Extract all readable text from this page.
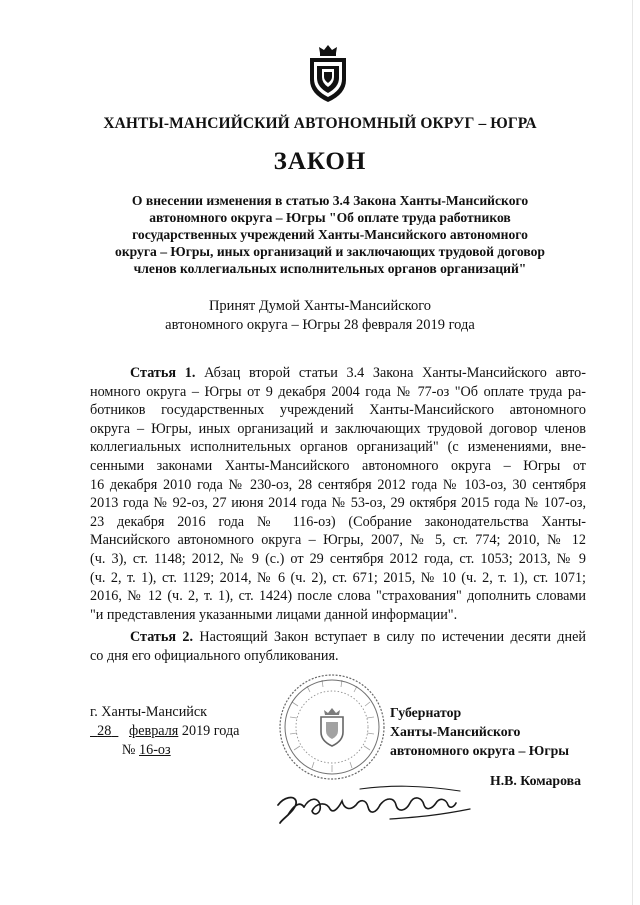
ХАНТЫ-МАНСИЙСКИЙ АВТОНОМНЫЙ ОКРУГ – ЮГРА
ЗАКОН
О внесении изменения в статью 3.4 Закона Ханты-Мансийского
автономного округа – Югры "Об оплате труда работников
государственных учреждений Ханты-Мансийского автономного
округа – Югры, иных организаций и заключающих трудовой договор
членов коллегиальных исполнительных органов организаций"
Принят Думой Ханты-Мансийского
автономного округа – Югры 28 февраля 2019 года
Статья 1. Абзац второй статьи 3.4 Закона Ханты-Мансийского авто-
номного округа – Югры от 9 декабря 2004 года № 77-оз "Об оплате труда ра-
ботников государственных учреждений Ханты-Мансийского автономного
округа – Югры, иных организаций и заключающих трудовой договор членов
коллегиальных исполнительных органов организаций" (с изменениями, вне-
сенными законами Ханты-Мансийского автономного округа – Югры от
16 декабря 2010 года № 230-оз, 28 сентября 2012 года № 103-оз, 30 сентября
2013 года № 92-оз, 27 июня 2014 года № 53-оз, 29 октября 2015 года № 107-оз,
23 декабря 2016 года № 116-оз) (Собрание законодательства Ханты-
Мансийского автономного округа – Югры, 2007, № 5, ст. 774; 2010, № 12
(ч. 3), ст. 1148; 2012, № 9 (с.) от 29 сентября 2012 года, ст. 1053; 2013, № 9
(ч. 2, т. 1), ст. 1129; 2014, № 6 (ч. 2), ст. 671; 2015, № 10 (ч. 2, т. 1), ст. 1071;
2016, № 12 (ч. 2, т. 1), ст. 1424) после слова "страхования" дополнить словами
"и представления указанными лицами данной информации".
Статья 2. Настоящий Закон вступает в силу по истечении десяти дней
со дня его официального опубликования.
г. Ханты-Мансийск
28 февраля 2019 года
№ 16-оз
Губернатор
Ханты-Мансийского
автономного округа – Югры
Н.В. Комарова
